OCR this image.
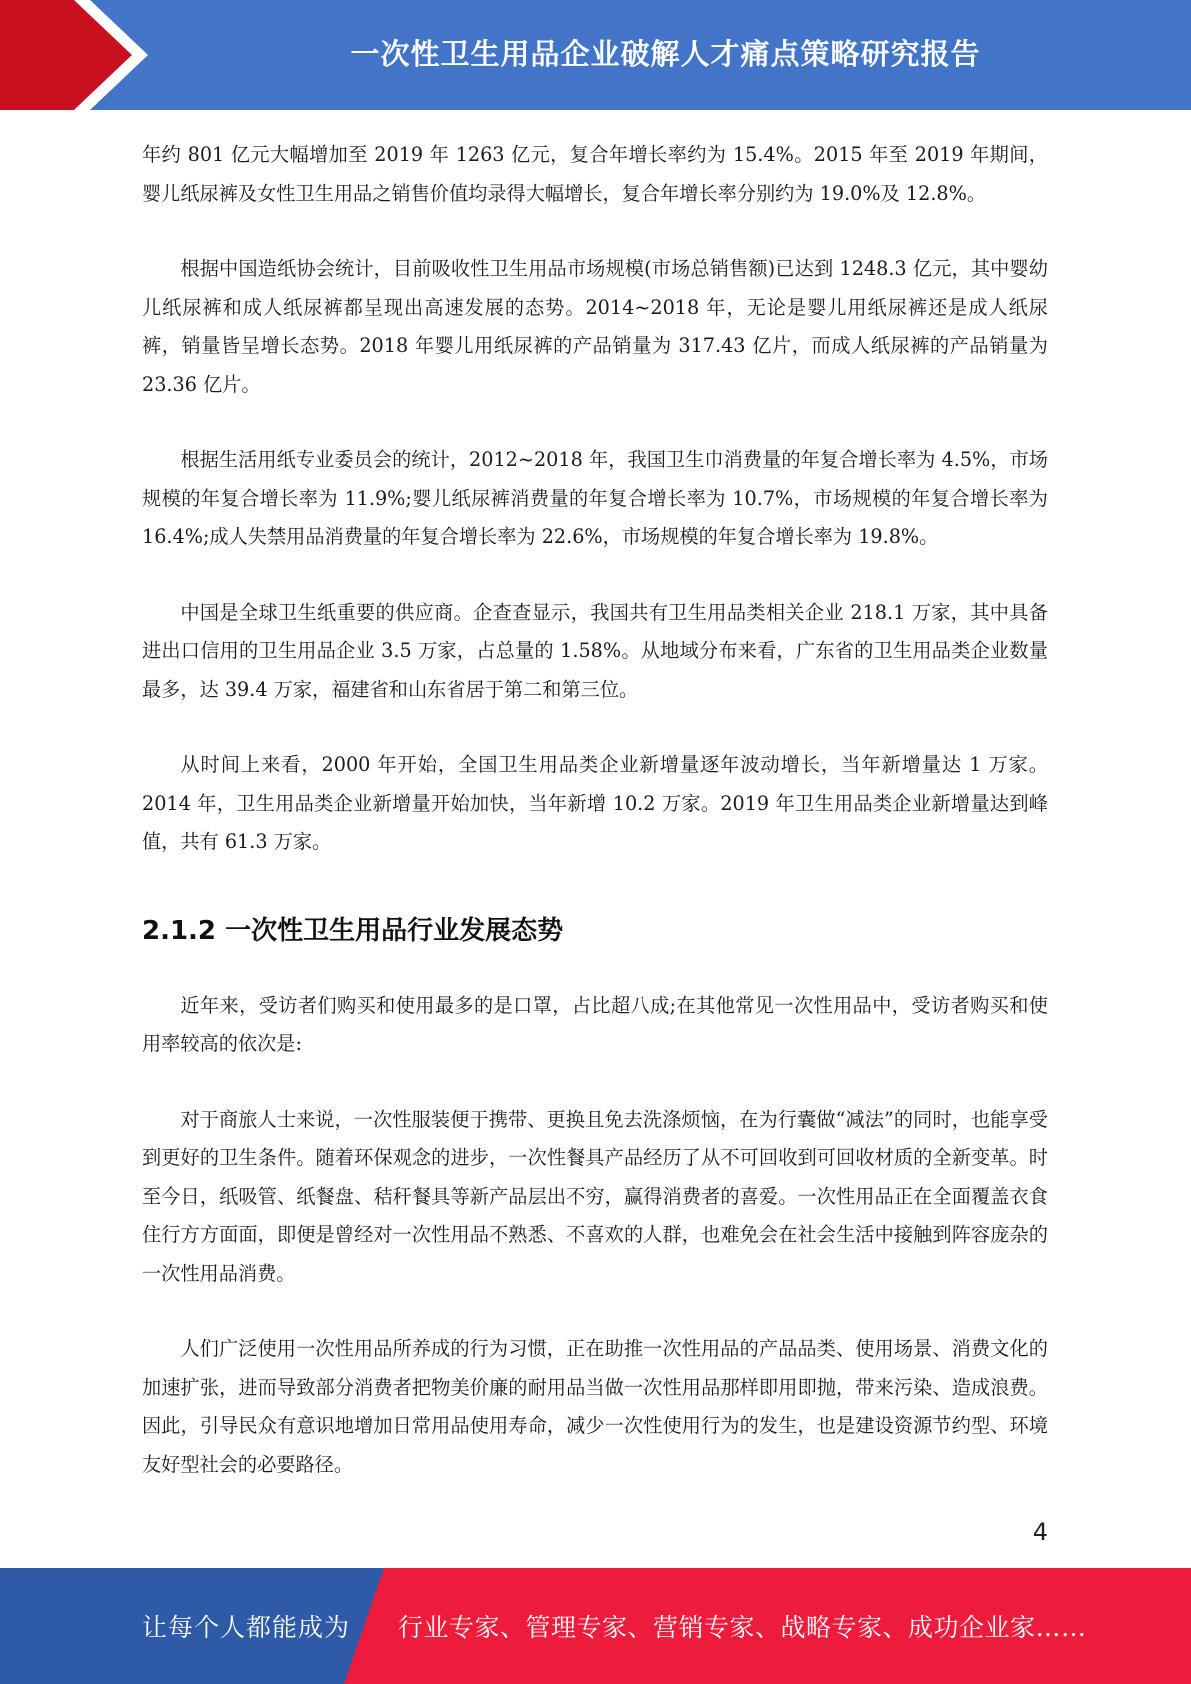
一次性卫生用品企业破解人才痛点策略研究报告

年约 801 亿元大幅增加至 2019 年 1263 亿元，复合年增长率约为 15.4%。2015 年至 2019 年期间，婴儿纸尿裤及女性卫生用品之销售价值均录得大幅增长，复合年增长率分别约为 19.0%及 12.8%。

根据中国造纸协会统计，目前吸收性卫生用品市场规模(市场总销售额)已达到 1248.3 亿元，其中婴幼儿纸尿裤和成人纸尿裤都呈现出高速发展的态势。2014~2018 年，无论是婴儿用纸尿裤还是成人纸尿裤，销量皆呈增长态势。2018 年婴儿用纸尿裤的产品销量为 317.43 亿片，而成人纸尿裤的产品销量为 23.36 亿片。

根据生活用纸专业委员会的统计，2012~2018 年，我国卫生巾消费量的年复合增长率为 4.5%，市场规模的年复合增长率为 11.9%;婴儿纸尿裤消费量的年复合增长率为 10.7%，市场规模的年复合增长率为 16.4%;成人失禁用品消费量的年复合增长率为 22.6%，市场规模的年复合增长率为 19.8%。

中国是全球卫生纸重要的供应商。企查查显示，我国共有卫生用品类相关企业 218.1 万家，其中具备进出口信用的卫生用品企业 3.5 万家，占总量的 1.58%。从地域分布来看，广东省的卫生用品类企业数量最多，达 39.4 万家，福建省和山东省居于第二和第三位。

从时间上来看，2000 年开始，全国卫生用品类企业新增量逐年波动增长，当年新增量达 1 万家。2014 年，卫生用品类企业新增量开始加快，当年新增 10.2 万家。2019 年卫生用品类企业新增量达到峰值，共有 61.3 万家。

2.1.2 一次性卫生用品行业发展态势

近年来，受访者们购买和使用最多的是口罩，占比超八成;在其他常见一次性用品中，受访者购买和使用率较高的依次是:

对于商旅人士来说，一次性服装便于携带、更换且免去洗涤烦恼，在为行囊做“减法”的同时，也能享受到更好的卫生条件。随着环保观念的进步，一次性餐具产品经历了从不可回收到可回收材质的全新变革。时至今日，纸吸管、纸餐盘、秸秆餐具等新产品层出不穷，赢得消费者的喜爱。一次性用品正在全面覆盖衣食住行方方面面，即便是曾经对一次性用品不熟悉、不喜欢的人群，也难免会在社会生活中接触到阵容庞杂的一次性用品消费。

人们广泛使用一次性用品所养成的行为习惯，正在助推一次性用品的产品品类、使用场景、消费文化的加速扩张，进而导致部分消费者把物美价廉的耐用品当做一次性用品那样即用即抛，带来污染、造成浪费。因此，引导民众有意识地增加日常用品使用寿命，减少一次性使用行为的发生，也是建设资源节约型、环境友好型社会的必要路径。

4
让每个人都能成为 行业专家、管理专家、营销专家、战略专家、成功企业家……
